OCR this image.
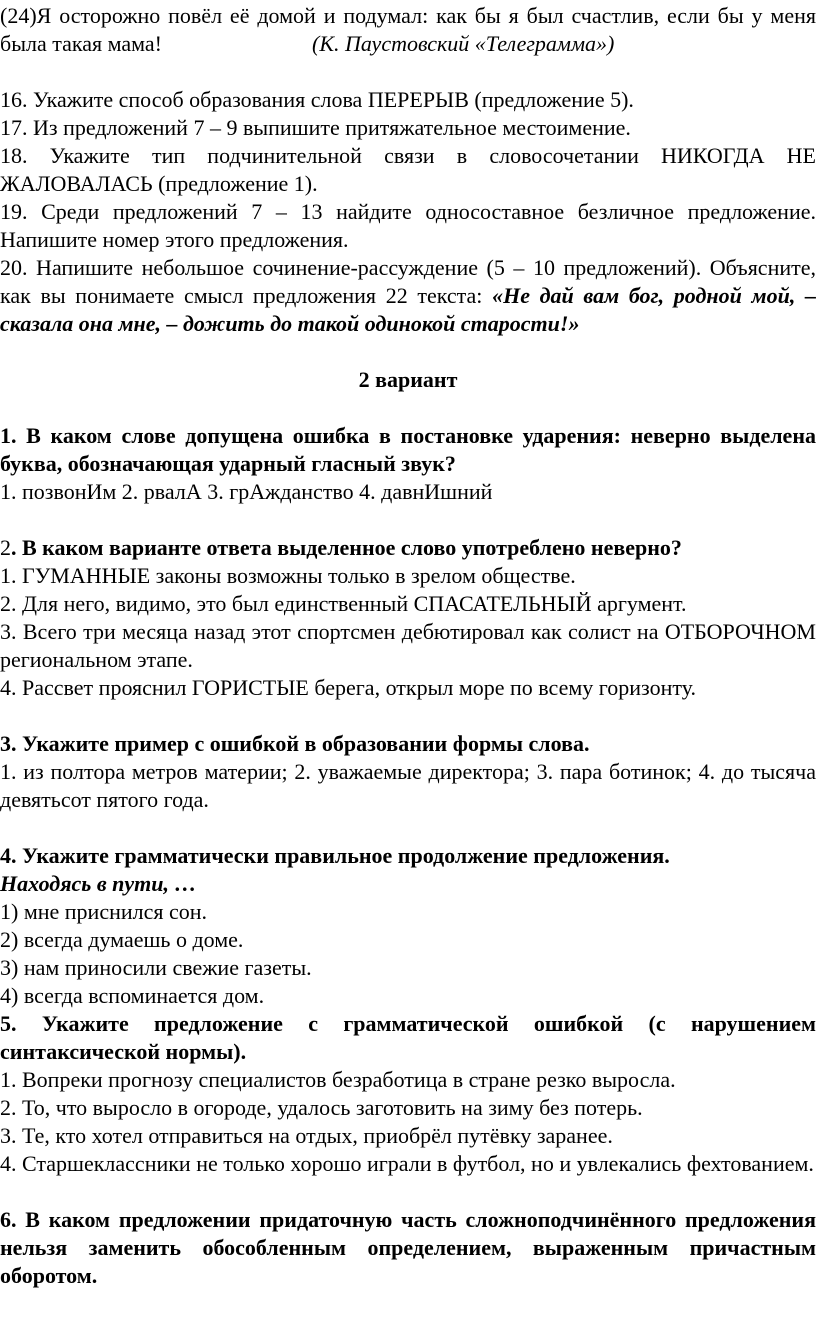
(24)Я осторожно повёл её домой и подумал: как бы я был счастлив, если бы у меня была такая мама!	(К. Паустовский «Телеграмма»)

16. Укажите способ образования слова ПЕРЕРЫВ (предложение 5).

17. Из предложений 7 – 9 выпишите притяжательное местоимение.

18. Укажите тип подчинительной связи в словосочетании НИКОГДА НЕ ЖАЛОВАЛАСЬ (предложение 1).

19. Среди предложений 7 – 13 найдите односоставное безличное предложение. Напишите номер этого предложения.

20. Напишите небольшое сочинение-рассуждение (5 – 10 предложений). Объясните, как вы понимаете смысл предложения 22 текста: «Не дай вам бог, родной мой, – сказала она мне, – дожить до такой одинокой старости!»

2 вариант

1. В каком слове допущена ошибка в постановке ударения: неверно выделена буква, обозначающая ударный гласный звук?

1. позвонИм 2. рвалА 3. грАжданство 4. давнИшний

2. В каком варианте ответа выделенное слово употреблено неверно?

1. ГУМАННЫЕ законы возможны только в зрелом обществе.

2. Для него, видимо, это был единственный СПАСАТЕЛЬНЫЙ аргумент.

3. Всего три месяца назад этот спортсмен дебютировал как солист на ОТБОРОЧНОМ региональном этапе.

4. Рассвет прояснил ГОРИСТЫЕ берега, открыл море по всему горизонту.

3. Укажите пример с ошибкой в образовании формы слова.

1. из полтора метров материи; 2. уважаемые директора; 3. пара ботинок; 4. до тысяча девятьсот пятого года.

4. Укажите грамматически правильное продолжение предложения.

Находясь в пути, …

1) мне приснился сон.

2) всегда думаешь о доме.

3) нам приносили свежие газеты.

4) всегда вспоминается дом.

5. Укажите предложение с грамматической ошибкой (с нарушением синтаксической нормы).

1. Вопреки прогнозу специалистов безработица в стране резко выросла.

2. То, что выросло в огороде, удалось заготовить на зиму без потерь.

3. Те, кто хотел отправиться на отдых, приобрёл путёвку заранее.

4. Старшеклассники не только хорошо играли в футбол, но и увлекались фехтованием.

6. В каком предложении придаточную часть сложноподчинённого предложения нельзя заменить обособленным определением, выраженным причастным оборотом.
